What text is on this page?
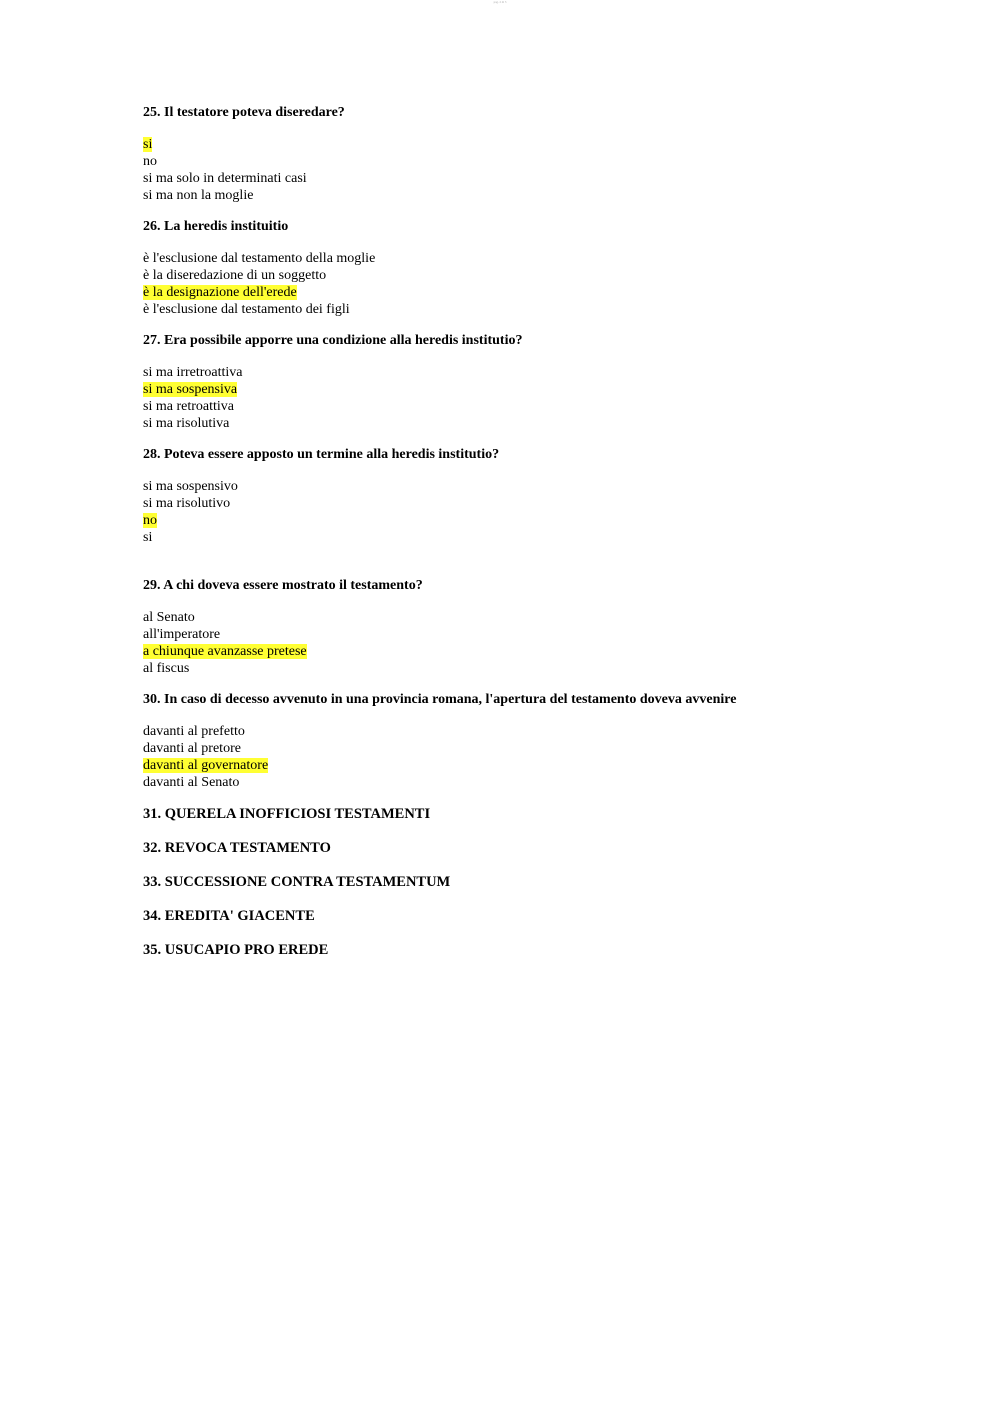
pag. 2 di 3
25. Il testatore poteva diseredare?
si
no
si ma solo in determinati casi
si ma non la moglie
26. La heredis instituitio
è l'esclusione dal testamento della moglie
è la diseredazione di un soggetto
è la designazione dell'erede
è l'esclusione dal testamento dei figli
27. Era possibile apporre una condizione alla heredis institutio?
si ma irretroattiva
si ma sospensiva
si ma retroattiva
si ma risolutiva
28. Poteva essere apposto un termine alla heredis institutio?
si ma sospensivo
si ma risolutivo
no
si
29. A chi doveva essere mostrato il testamento?
al Senato
all'imperatore
a chiunque avanzasse pretese
al fiscus
30. In caso di decesso avvenuto in una provincia romana, l'apertura del testamento doveva avvenire
davanti al prefetto
davanti al pretore
davanti al governatore
davanti al Senato
31. QUERELA INOFFICIOSI TESTAMENTI
32. REVOCA TESTAMENTO
33. SUCCESSIONE CONTRA TESTAMENTUM
34. EREDITA' GIACENTE
35. USUCAPIO PRO EREDE
